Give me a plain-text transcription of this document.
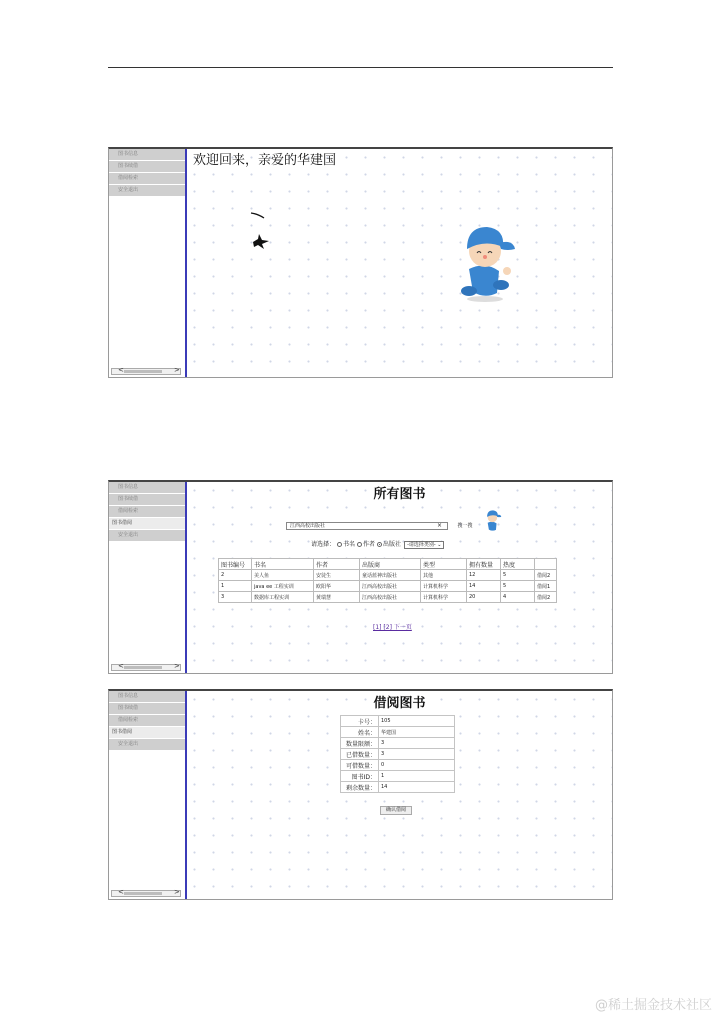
图书信息
图书续借
借阅检索
安全退出
<	>
欢迎回来，亲爱的华建国
图书信息
图书续借
借阅检索
图书借阅
安全退出
<	>
所有图书
江西高校出版社	×	搜一搜
请选择： 书名 作者 出版社	-请选择类别- ⌄
图书编号	书名	作者	出版商	类型	拥有数量	热度	
2	美人鱼	安徒生	童话蓝神出版社	其他	12	5	借阅2
1	java ee 工程实训	欧阳华	江西高校出版社	计算机科学	14	5	借阅1
3	数据库工程实训	黄瑞慧	江西高校出版社	计算机科学	20	4	借阅2
[1] [2] 下一页
图书信息
图书续借
借阅检索
图书借阅
安全退出
<	>
借阅图书
卡号：	105
姓名：	华建国
数量限额：	3
已借数量：	3
可借数量：	0
图书ID：	1
剩余数量：	14
确认借阅
@稀土掘金技术社区
